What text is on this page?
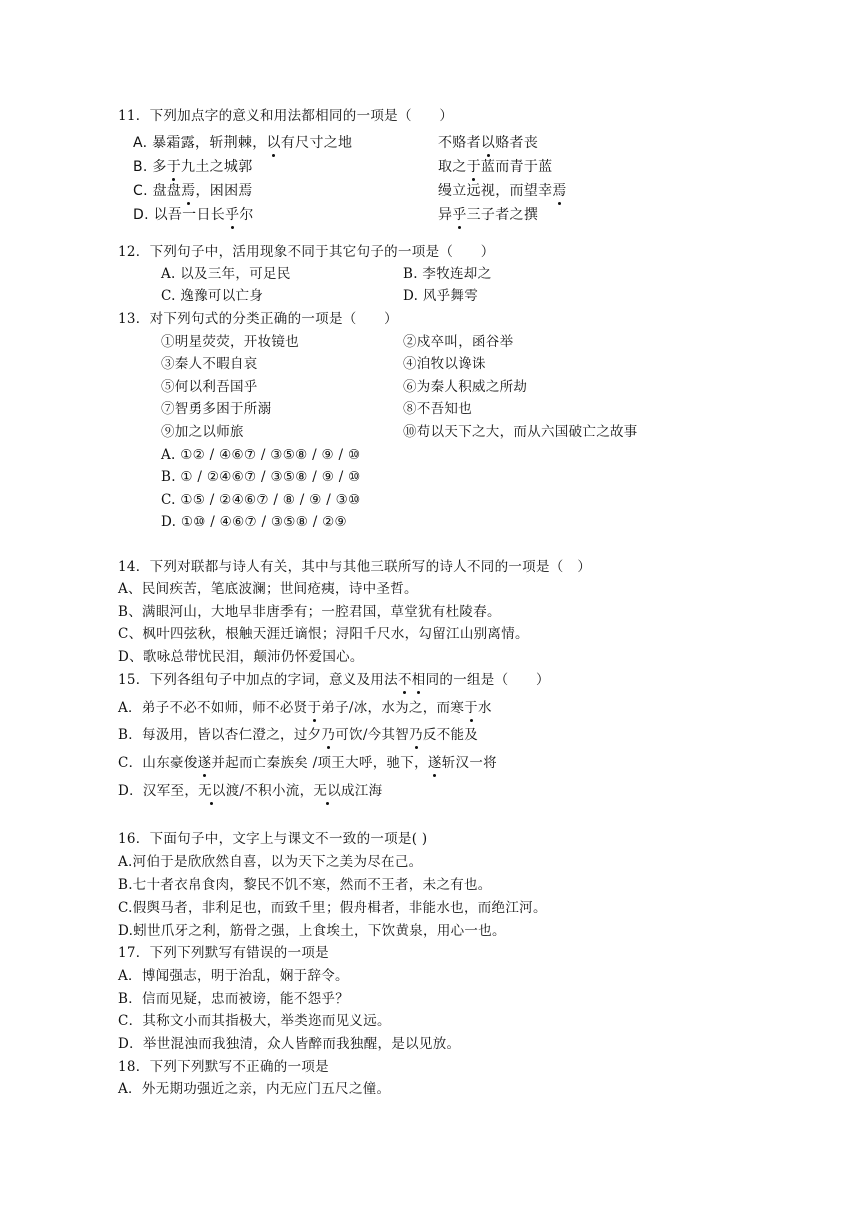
11．下列加点字的意义和用法都相同的一项是（　　）
A. 暴霜露，斩荆棘，以有尺寸之地	不赂者以赂者丧
B. 多于九土之城郭	取之于蓝而青于蓝
C. 盘盘焉，困困焉	缦立远视，而望幸焉
D. 以吾一日长乎尔	异乎三子者之撰
12．下列句子中，活用现象不同于其它句子的一项是（　　）
A. 以及三年，可足民	B. 李牧连却之
C. 逸豫可以亡身	D. 风乎舞雩
13．对下列句式的分类正确的一项是（　　）
①明星荧荧，开妆镜也	②戍卒叫，函谷举
③秦人不暇自哀	④洎牧以谗诛
⑤何以利吾国乎	⑥为秦人积威之所劫
⑦智勇多困于所溺	⑧不吾知也
⑨加之以师旅	⑩苟以天下之大，而从六国破亡之故事
A. ①② / ④⑥⑦ / ③⑤⑧ / ⑨ / ⑩
B. ① / ②④⑥⑦ / ③⑤⑧ / ⑨ / ⑩
C. ①⑤ / ②④⑥⑦ / ⑧ / ⑨ / ③⑩
D. ①⑩ / ④⑥⑦ / ③⑤⑧ / ②⑨
14．下列对联都与诗人有关，其中与其他三联所写的诗人不同的一项是（　）
A、民间疾苦，笔底波澜；世间疮痍，诗中圣哲。
B、满眼河山，大地早非唐季有；一腔君国，草堂犹有杜陵春。
C、枫叶四弦秋，根触天涯迁谪恨；浔阳千尺水，勾留江山别离情。
D、歌咏总带忧民泪，颠沛仍怀爱国心。
15．下列各组句子中加点的字词，意义及用法不相同的一组是（　　）
A．弟子不必不如师，师不必贤于弟子/冰，水为之，而寒于水
B．每汲用，皆以杏仁澄之，过夕乃可饮/今其智乃反不能及
C．山东豪俊遂并起而亡秦族矣 /项王大呼，驰下，遂斩汉一将
D．汉军至，无以渡/不积小流，无以成江海
16．下面句子中，文字上与课文不一致的一项是( )
A.河伯于是欣欣然自喜，以为天下之美为尽在己。
B.七十者衣帛食肉，黎民不饥不寒，然而不王者，未之有也。
C.假舆马者，非利足也，而致千里；假舟楫者，非能水也，而绝江河。
D.蚓世爪牙之利，筋骨之强，上食埃土，下饮黄泉，用心一也。
17．下列下列默写有错误的一项是
A．博闻强志，明于治乱，娴于辞令。
B．信而见疑，忠而被谤，能不怨乎？
C．其称文小而其指极大，举类迩而见义远。
D．举世混浊而我独清，众人皆醉而我独醒，是以见放。
18．下列下列默写不正确的一项是
A．外无期功强近之亲，内无应门五尺之僮。
